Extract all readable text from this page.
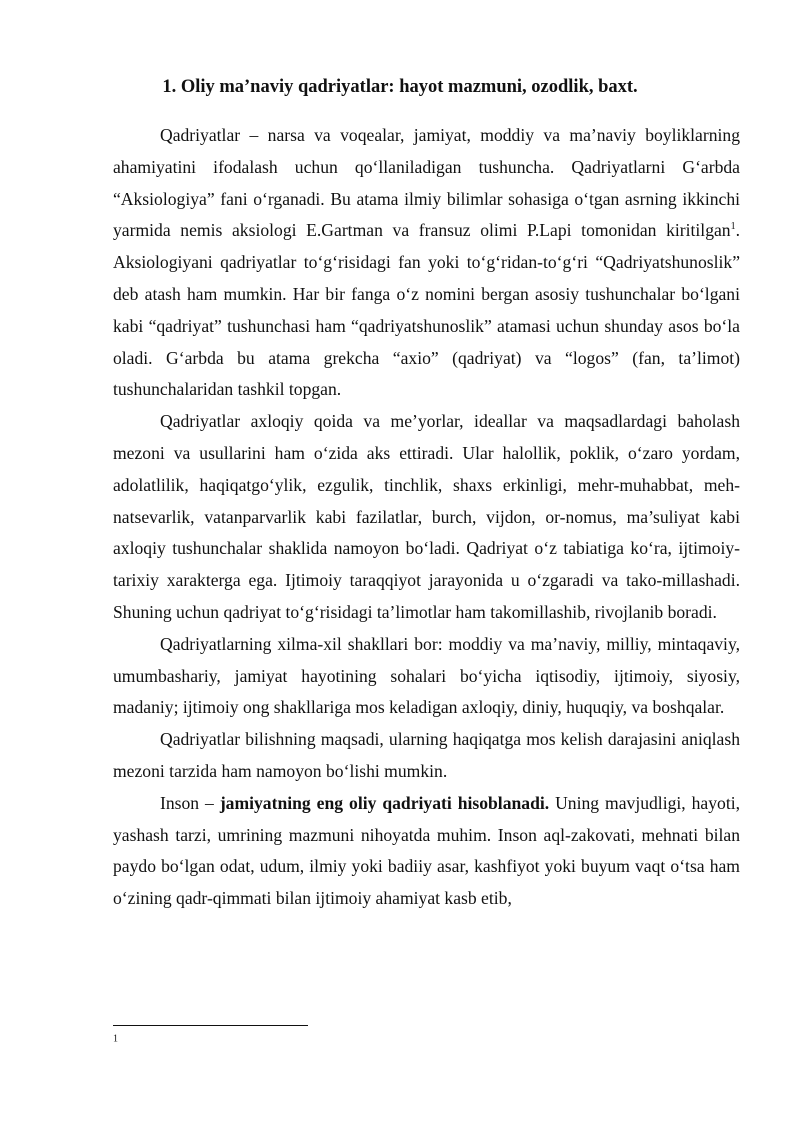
1. Oliy ma’naviy qadriyatlar: hayot mazmuni, ozodlik, baxt.

Qadriyatlar – narsa va voqealar, jamiyat, moddiy va ma’naviy boyliklarning ahamiyatini ifodalash uchun qo‘llaniladigan tushuncha. Qadriyatlarni G‘arbda “Aksiologiya” fani o‘rganadi. Bu atama ilmiy bilimlar sohasiga o‘tgan asrning ikkinchi yarmida nemis aksiologi E.Gartman va fransuz olimi P.Lapi tomonidan kiritilgan$^1$. Aksiologiyani qadriyatlar to‘g‘risidagi fan yoki to‘g‘ridan-to‘g‘ri “Qadriyatshunoslik” deb atash ham mumkin. Har bir fanga o‘z nomini bergan asosiy tushunchalar bo‘lgani kabi “qadriyat” tushunchasi ham “qadriyatshunoslik” atamasi uchun shunday asos bo‘la oladi. G‘arbda bu atama grekcha “axio” (qadriyat) va “logos” (fan, ta’limot) tushunchalaridan tashkil topgan.

Qadriyatlar axloqiy qoida va me’yorlar, ideallar va maqsadlardagi baholash mezoni va usullarini ham o‘zida aks ettiradi. Ular halollik, poklik, o‘zaro yordam, adolatlilik, haqiqatgo‘ylik, ezgulik, tinchlik, shaxs erkinligi, mehr-muhabbat, meh-natsevarlik, vatanparvarlik kabi fazilatlar, burch, vijdon, or-nomus, ma’suliyat kabi axloqiy tushunchalar shaklida namoyon bo‘ladi. Qadriyat o‘z tabiatiga ko‘ra, ijtimoiy-tarixiy xarakterga ega. Ijtimoiy taraqqiyot jarayonida u o‘zgaradi va tako-millashadi. Shuning uchun qadriyat to‘g‘risidagi ta’limotlar ham takomillashib, rivojlanib boradi.

Qadriyatlarning xilma-xil shakllari bor: moddiy va ma’naviy, milliy, mintaqaviy, umumbashariy, jamiyat hayotining sohalari bo‘yicha iqtisodiy, ijtimoiy, siyosiy, madaniy; ijtimoiy ong shakllariga mos keladigan axloqiy, diniy, huquqiy, va boshqalar.

Qadriyatlar bilishning maqsadi, ularning haqiqatga mos kelish darajasini aniqlash mezoni tarzida ham namoyon bo‘lishi mumkin.

Inson – jamiyatning eng oliy qadriyati hisoblanadi. Uning mavjudligi, hayoti, yashash tarzi, umrining mazmuni nihoyatda muhim. Inson aql-zakovati, mehnati bilan paydo bo‘lgan odat, udum, ilmiy yoki badiiy asar, kashfiyot yoki buyum vaqt o‘tsa ham o‘zining qadr-qimmati bilan ijtimoiy ahamiyat kasb etib,

$^1$
